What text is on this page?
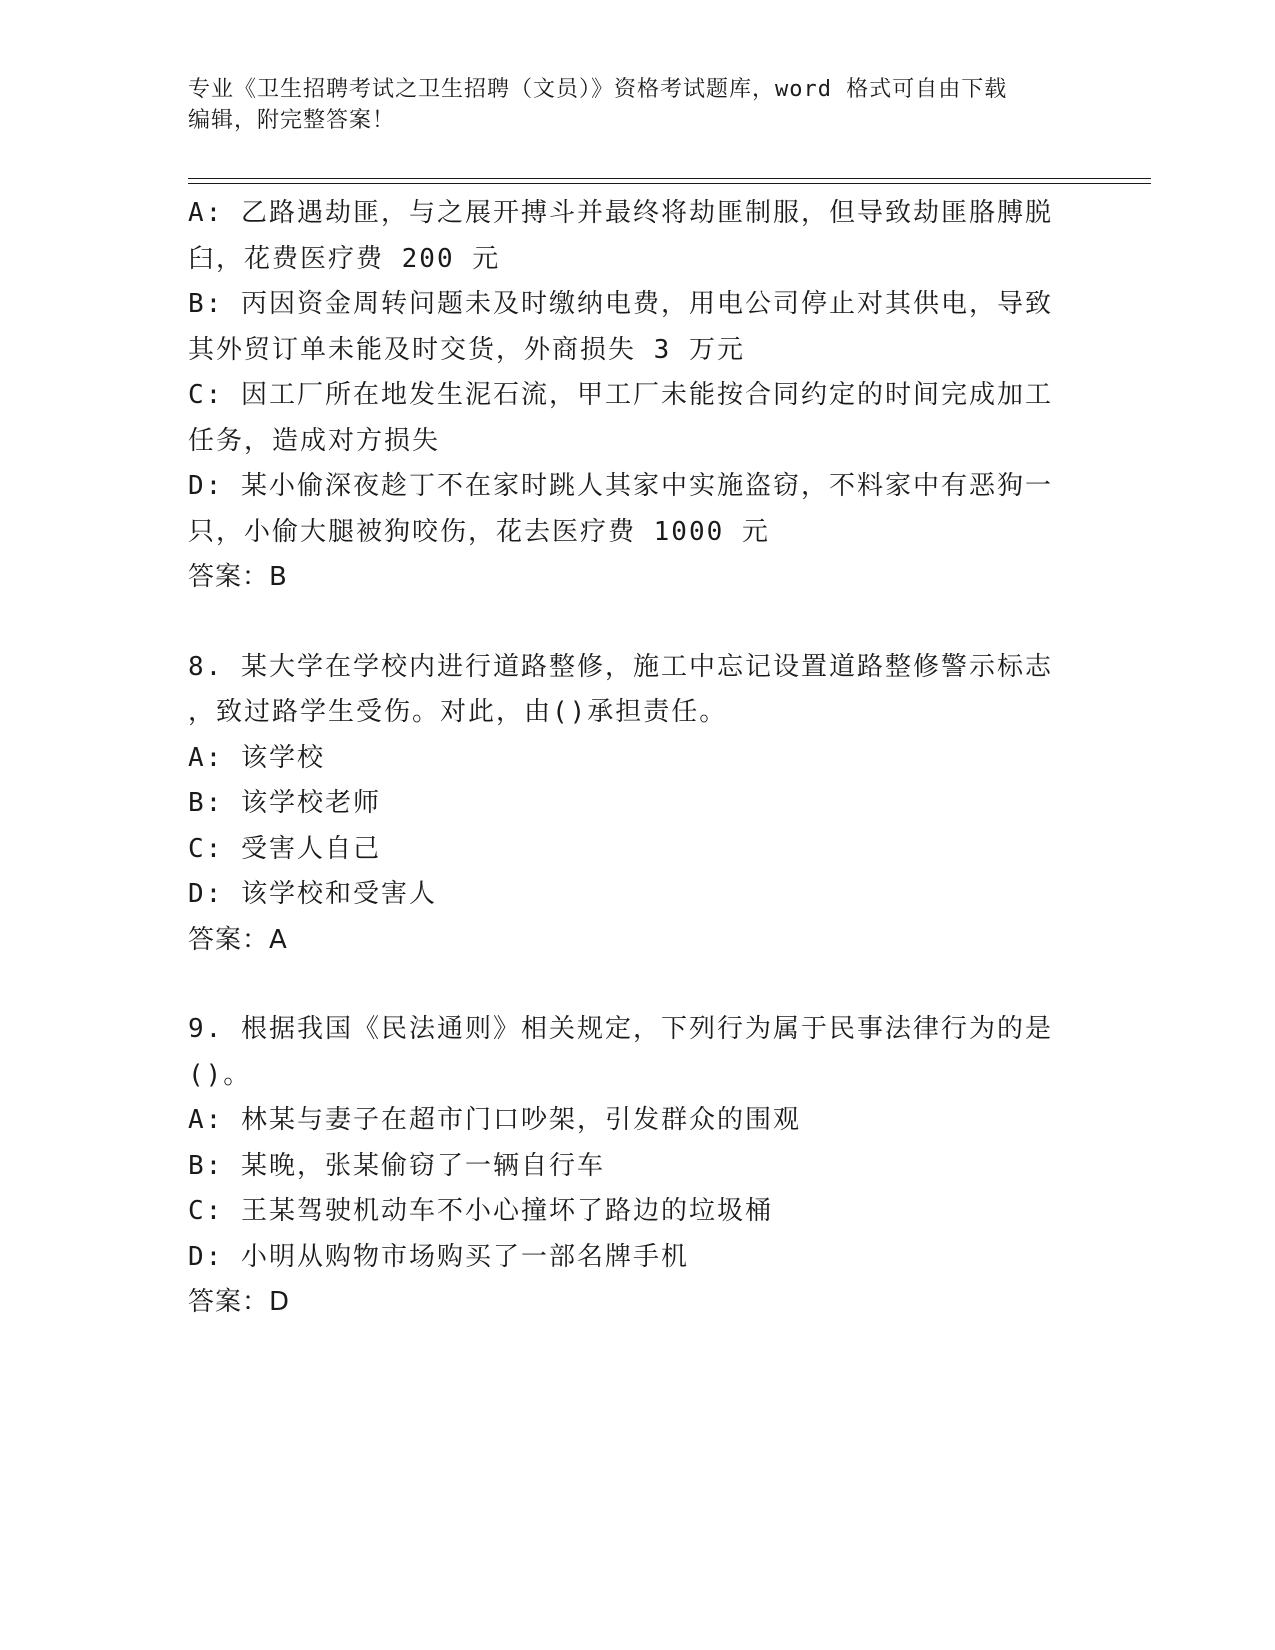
专业《卫生招聘考试之卫生招聘（文员）》资格考试题库，word 格式可自由下载
编辑，附完整答案！
A: 乙路遇劫匪，与之展开搏斗并最终将劫匪制服，但导致劫匪胳膊脱
臼，花费医疗费 200 元
B: 丙因资金周转问题未及时缴纳电费，用电公司停止对其供电，导致
其外贸订单未能及时交货，外商损失 3 万元
C: 因工厂所在地发生泥石流，甲工厂未能按合同约定的时间完成加工
任务，造成对方损失
D: 某小偷深夜趁丁不在家时跳人其家中实施盗窃，不料家中有恶狗一
只，小偷大腿被狗咬伤，花去医疗费 1000 元
答案：B
8. 某大学在学校内进行道路整修，施工中忘记设置道路整修警示标志
，致过路学生受伤。对此，由()承担责任。
A: 该学校
B: 该学校老师
C: 受害人自己
D: 该学校和受害人
答案：A
9. 根据我国《民法通则》相关规定，下列行为属于民事法律行为的是
()。
A: 林某与妻子在超市门口吵架，引发群众的围观
B: 某晚，张某偷窃了一辆自行车
C: 王某驾驶机动车不小心撞坏了路边的垃圾桶
D: 小明从购物市场购买了一部名牌手机
答案：D
